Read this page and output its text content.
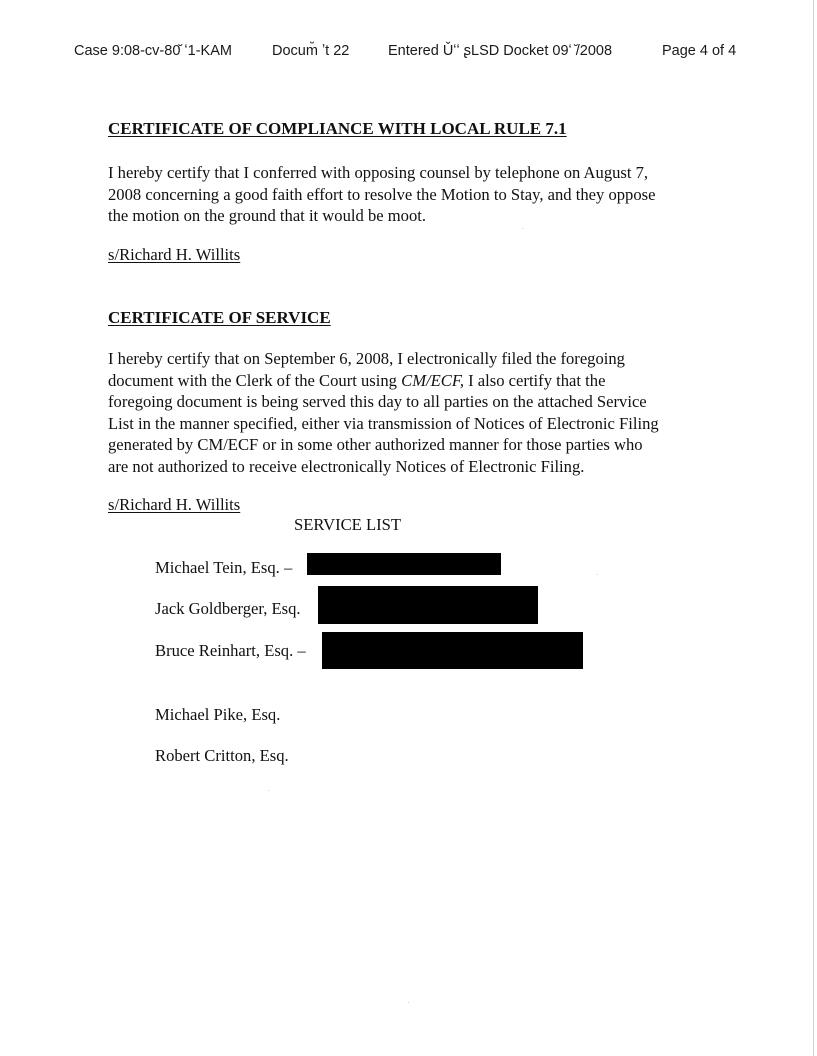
Case 9:08-cv-80̆ ʻ1-KAM	Docum̆ ʼt 22	Entered Ǔʻʻ ʂLSD Docket 09ʻ ̆/2008	Page 4 of 4
CERTIFICATE OF COMPLIANCE WITH LOCAL RULE 7.1
I hereby certify that I conferred with opposing counsel by telephone on August 7,
2008 concerning a good faith effort to resolve the Motion to Stay, and they oppose
the motion on the ground that it would be moot.
s/Richard H. Willits
CERTIFICATE OF SERVICE
I hereby certify that on September 6, 2008, I electronically filed the foregoing
document with the Clerk of the Court using CM/ECF, I also certify that the
foregoing document is being served this day to all parties on the attached Service
List in the manner specified, either via transmission of Notices of Electronic Filing
generated by CM/ECF or in some other authorized manner for those parties who
are not authorized to receive electronically Notices of Electronic Filing.
s/Richard H. Willits
SERVICE LIST
Michael Tein, Esq. –
Jack Goldberger, Esq.
Bruce Reinhart, Esq. –
Michael Pike, Esq.
Robert Critton, Esq.
